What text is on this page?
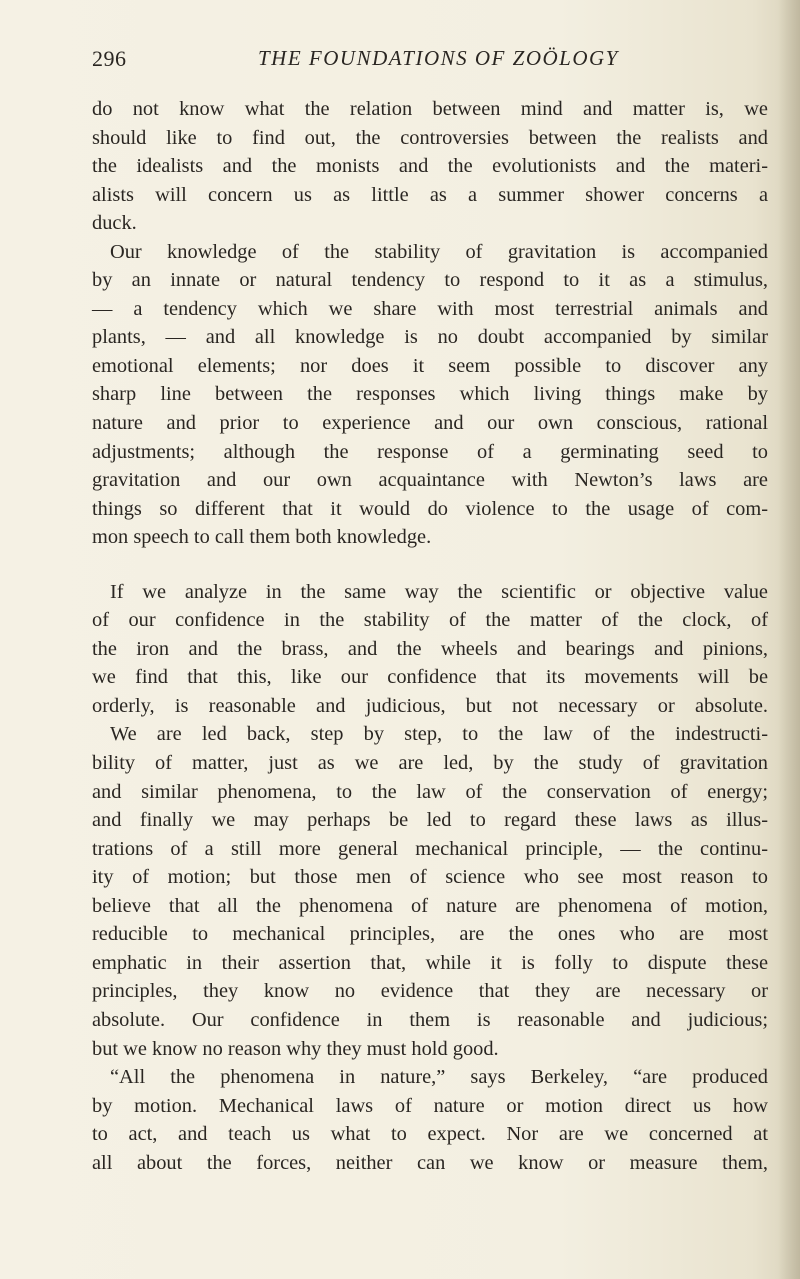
296	THE FOUNDATIONS OF ZOÖLOGY
do not know what the relation between mind and matter is, we
should like to find out, the controversies between the realists and
the idealists and the monists and the evolutionists and the materi-
alists will concern us as little as a summer shower concerns a
duck.
Our knowledge of the stability of gravitation is accompanied
by an innate or natural tendency to respond to it as a stimulus,
— a tendency which we share with most terrestrial animals and
plants, — and all knowledge is no doubt accompanied by similar
emotional elements; nor does it seem possible to discover any
sharp line between the responses which living things make by
nature and prior to experience and our own conscious, rational
adjustments; although the response of a germinating seed to
gravitation and our own acquaintance with Newton’s laws are
things so different that it would do violence to the usage of com-
mon speech to call them both knowledge.
If we analyze in the same way the scientific or objective value
of our confidence in the stability of the matter of the clock, of
the iron and the brass, and the wheels and bearings and pinions,
we find that this, like our confidence that its movements will be
orderly, is reasonable and judicious, but not necessary or absolute.
We are led back, step by step, to the law of the indestructi-
bility of matter, just as we are led, by the study of gravitation
and similar phenomena, to the law of the conservation of energy;
and finally we may perhaps be led to regard these laws as illus-
trations of a still more general mechanical principle, — the continu-
ity of motion; but those men of science who see most reason to
believe that all the phenomena of nature are phenomena of motion,
reducible to mechanical principles, are the ones who are most
emphatic in their assertion that, while it is folly to dispute these
principles, they know no evidence that they are necessary or
absolute. Our confidence in them is reasonable and judicious;
but we know no reason why they must hold good.
“All the phenomena in nature,” says Berkeley, “are produced
by motion. Mechanical laws of nature or motion direct us how
to act, and teach us what to expect. Nor are we concerned at
all about the forces, neither can we know or measure them,
